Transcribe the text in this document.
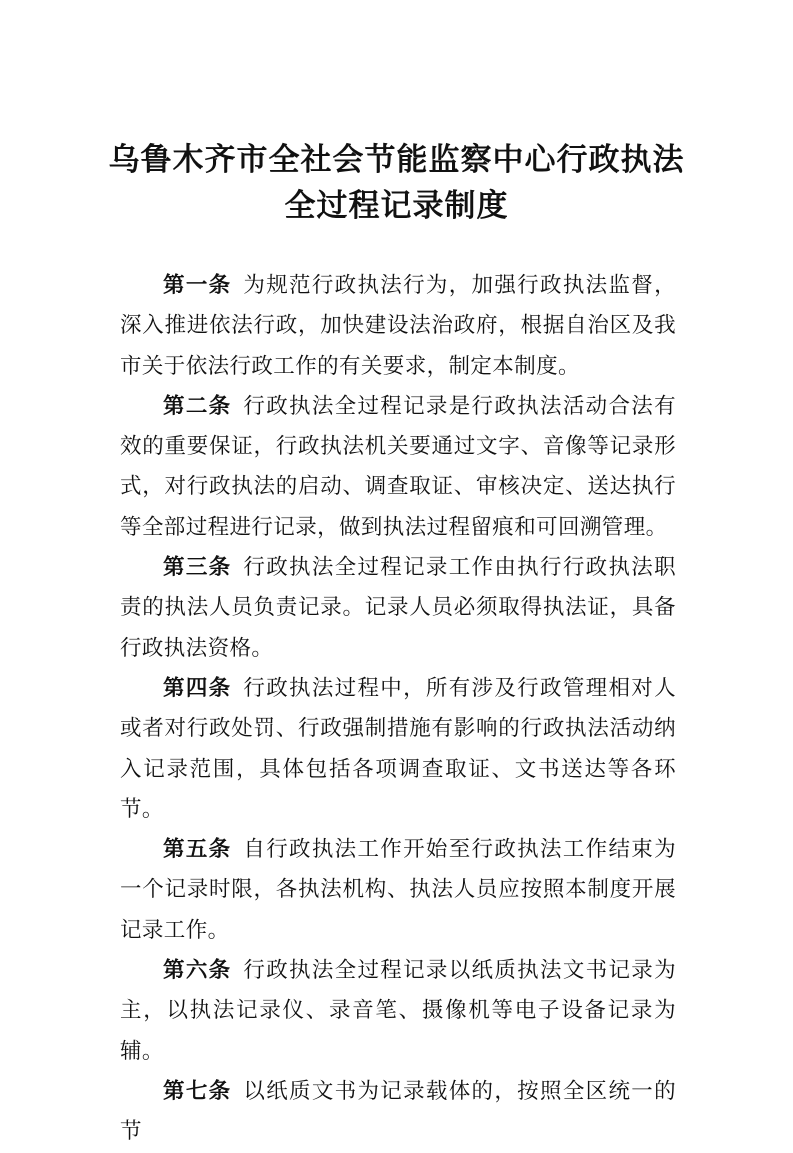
乌鲁木齐市全社会节能监察中心行政执法
全过程记录制度

第一条 为规范行政执法行为，加强行政执法监督，深入推进依法行政，加快建设法治政府，根据自治区及我市关于依法行政工作的有关要求，制定本制度。

第二条 行政执法全过程记录是行政执法活动合法有效的重要保证，行政执法机关要通过文字、音像等记录形式，对行政执法的启动、调查取证、审核决定、送达执行等全部过程进行记录，做到执法过程留痕和可回溯管理。

第三条 行政执法全过程记录工作由执行行政执法职责的执法人员负责记录。记录人员必须取得执法证，具备行政执法资格。

第四条 行政执法过程中，所有涉及行政管理相对人或者对行政处罚、行政强制措施有影响的行政执法活动纳入记录范围，具体包括各项调查取证、文书送达等各环节。

第五条 自行政执法工作开始至行政执法工作结束为一个记录时限，各执法机构、执法人员应按照本制度开展记录工作。

第六条 行政执法全过程记录以纸质执法文书记录为主，以执法记录仪、录音笔、摄像机等电子设备记录为辅。

第七条 以纸质文书为记录载体的，按照全区统一的节
